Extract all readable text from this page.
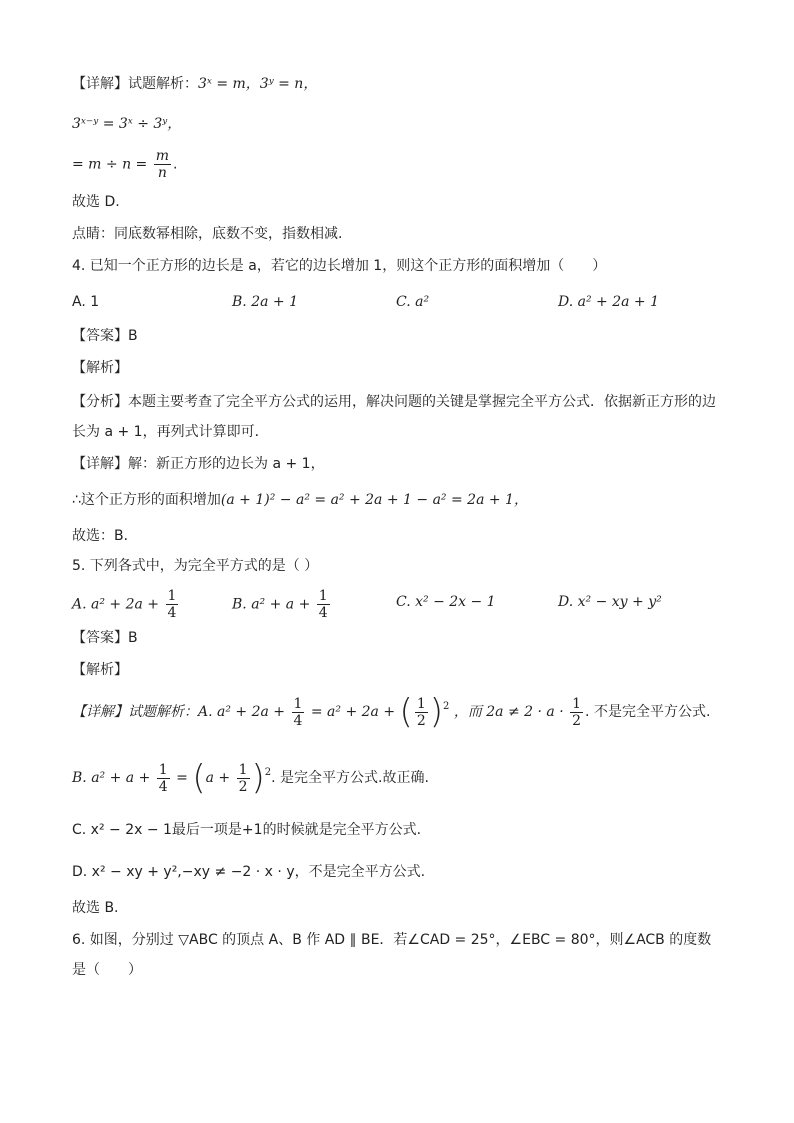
【详解】试题解析：3ˣ = m，3ʸ = n，
3ˣ⁻ʸ = 3ˣ ÷ 3ʸ，
= $m \div n = \frac{m}{n}$ .
故选 D.
点睛：同底数幂相除，底数不变，指数相减.
4. 已知一个正方形的边长是 a，若它的边长增加 1，则这个正方形的面积增加（　　）
A. 1	B. 2a + 1	C. a²	D. a² + 2a + 1
【答案】B
【解析】
【分析】本题主要考查了完全平方公式的运用，解决问题的关键是掌握完全平方公式．依据新正方形的边
长为 a + 1，再列式计算即可．
【详解】解：新正方形的边长为 a + 1，
∴这个正方形的面积增加(a + 1)² − a² = a² + 2a + 1 − a² = 2a + 1，
故选：B．
5. 下列各式中，为完全平方式的是（ ）
A. $a^2 + 2a + \frac{1}{4}$	B. $a^2 + a + \frac{1}{4}$	C. x² − 2x − 1	D. x² − xy + y²
【答案】B
【解析】
【详解】试题解析：A. $a^2 + 2a + \frac{1}{4} = a^2 + 2a$ + ( $\frac{1}{2} )^2$ ，而 $2a \ne 2 \cdot a \cdot \frac{1}{2}$ . 不是完全平方公式.
B. $a^2 + a + \frac{1}{4} = (a + \frac{1}{2} )^2$. 是完全平方公式.故正确.
C. x² − 2x − 1最后一项是+1的时候就是完全平方公式.
D. x² − xy + y²,−xy ≠ −2 · x · y，不是完全平方公式.
故选 B.
6. 如图，分别过 ▽ABC 的顶点 A、B 作 AD ∥ BE．若∠CAD = 25°，∠EBC = 80°，则∠ACB 的度数
是（　　）
